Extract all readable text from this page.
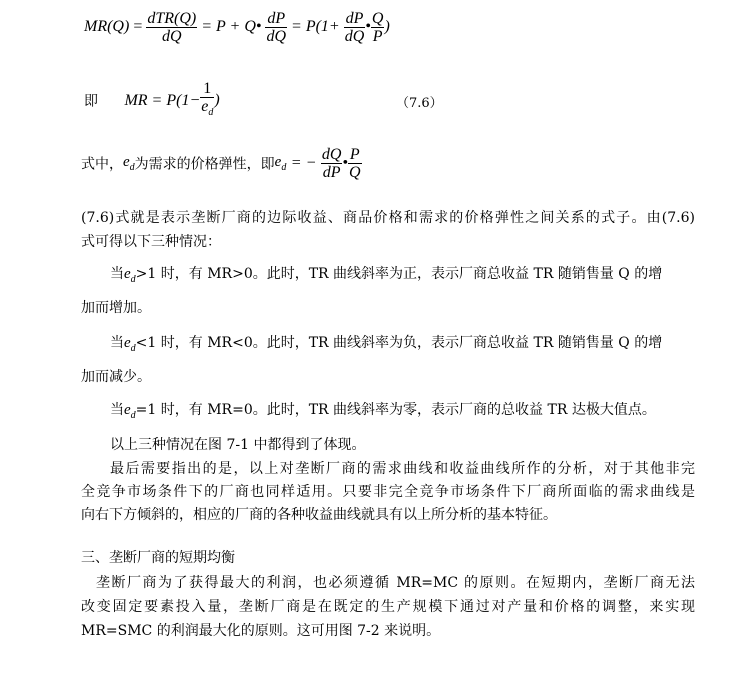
$MR(Q) = \frac{\text{dTR(Q)}}{dQ} = P$ + Q• $\frac{dP}{dQ} = P(1+ \frac{dP}{dQ}$ • $\frac{Q}{P}$ )
即 MR = $P(1- \frac{1}{e_d}$ )	（7.6）
式中，$e_d$为需求的价格弹性，即$e_d$ = − $\frac{dQ}{dP}$ • $\frac{P}{Q}$
(7.6)式就是表示垄断厂商的边际收益、商品价格和需求的价格弹性之间关系的式子。由(7.6)
式可得以下三种情况：
当$e_d>1$ 时，有 MR>0。此时，TR 曲线斜率为正，表示厂商总收益 TR 随销售量 Q 的增
加而增加。
当$e_d<1$ 时，有 MR<0。此时，TR 曲线斜率为负，表示厂商总收益 TR 随销售量 Q 的增
加而减少。
当$e_d=1$ 时，有 MR=0。此时，TR 曲线斜率为零，表示厂商的总收益 TR 达极大值点。
以上三种情况在图 7-1 中都得到了体现。
最后需要指出的是，以上对垄断厂商的需求曲线和收益曲线所作的分析，对于其他非完
全竞争市场条件下的厂商也同样适用。只要非完全竞争市场条件下厂商所面临的需求曲线是
向右下方倾斜的，相应的厂商的各种收益曲线就具有以上所分析的基本特征。
三、垄断厂商的短期均衡
垄断厂商为了获得最大的利润，也必须遵循 MR=MC 的原则。在短期内，垄断厂商无法
改变固定要素投入量，垄断厂商是在既定的生产规模下通过对产量和价格的调整，来实现
MR=SMC 的利润最大化的原则。这可用图 7-2 来说明。
